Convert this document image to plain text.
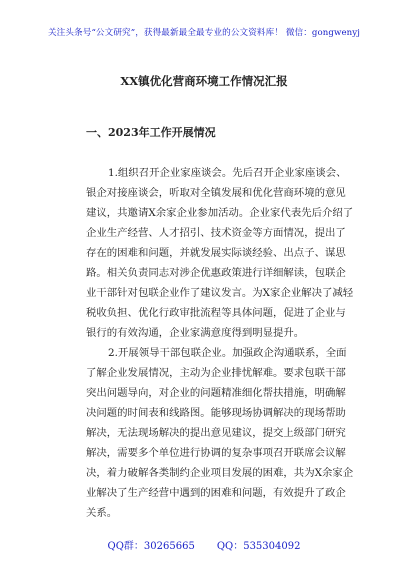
关注头条号“公文研究”，获得最新最全最专业的公文资料库！ 微信：gongwenyj
XX镇优化营商环境工作情况汇报
一、2023年工作开展情况
1.组织召开企业家座谈会。先后召开企业家座谈会、
银企对接座谈会，听取对全镇发展和优化营商环境的意见
建议，共邀请X余家企业参加活动。企业家代表先后介绍了
企业生产经营、人才招引、技术资金等方面情况，提出了
存在的困难和问题，并就发展实际谈经验、出点子、谋思
路。相关负责同志对涉企优惠政策进行详细解读，包联企
业干部针对包联企业作了建议发言。为X家企业解决了减轻
税收负担、优化行政审批流程等具体问题，促进了企业与
银行的有效沟通，企业家满意度得到明显提升。
2.开展领导干部包联企业。加强政企沟通联系，全面
了解企业发展情况，主动为企业排忧解难。要求包联干部
突出问题导向，对企业的问题精准细化帮扶措施，明确解
决问题的时间表和线路图。能够现场协调解决的现场帮助
解决，无法现场解决的提出意见建议，提交上级部门研究
解决，需要多个单位进行协调的复杂事项召开联席会议解
决，着力破解各类制约企业项目发展的困难，共为X余家企
业解决了生产经营中遇到的困难和问题，有效提升了政企
关系。
QQ群：30265665 QQ：535304092
